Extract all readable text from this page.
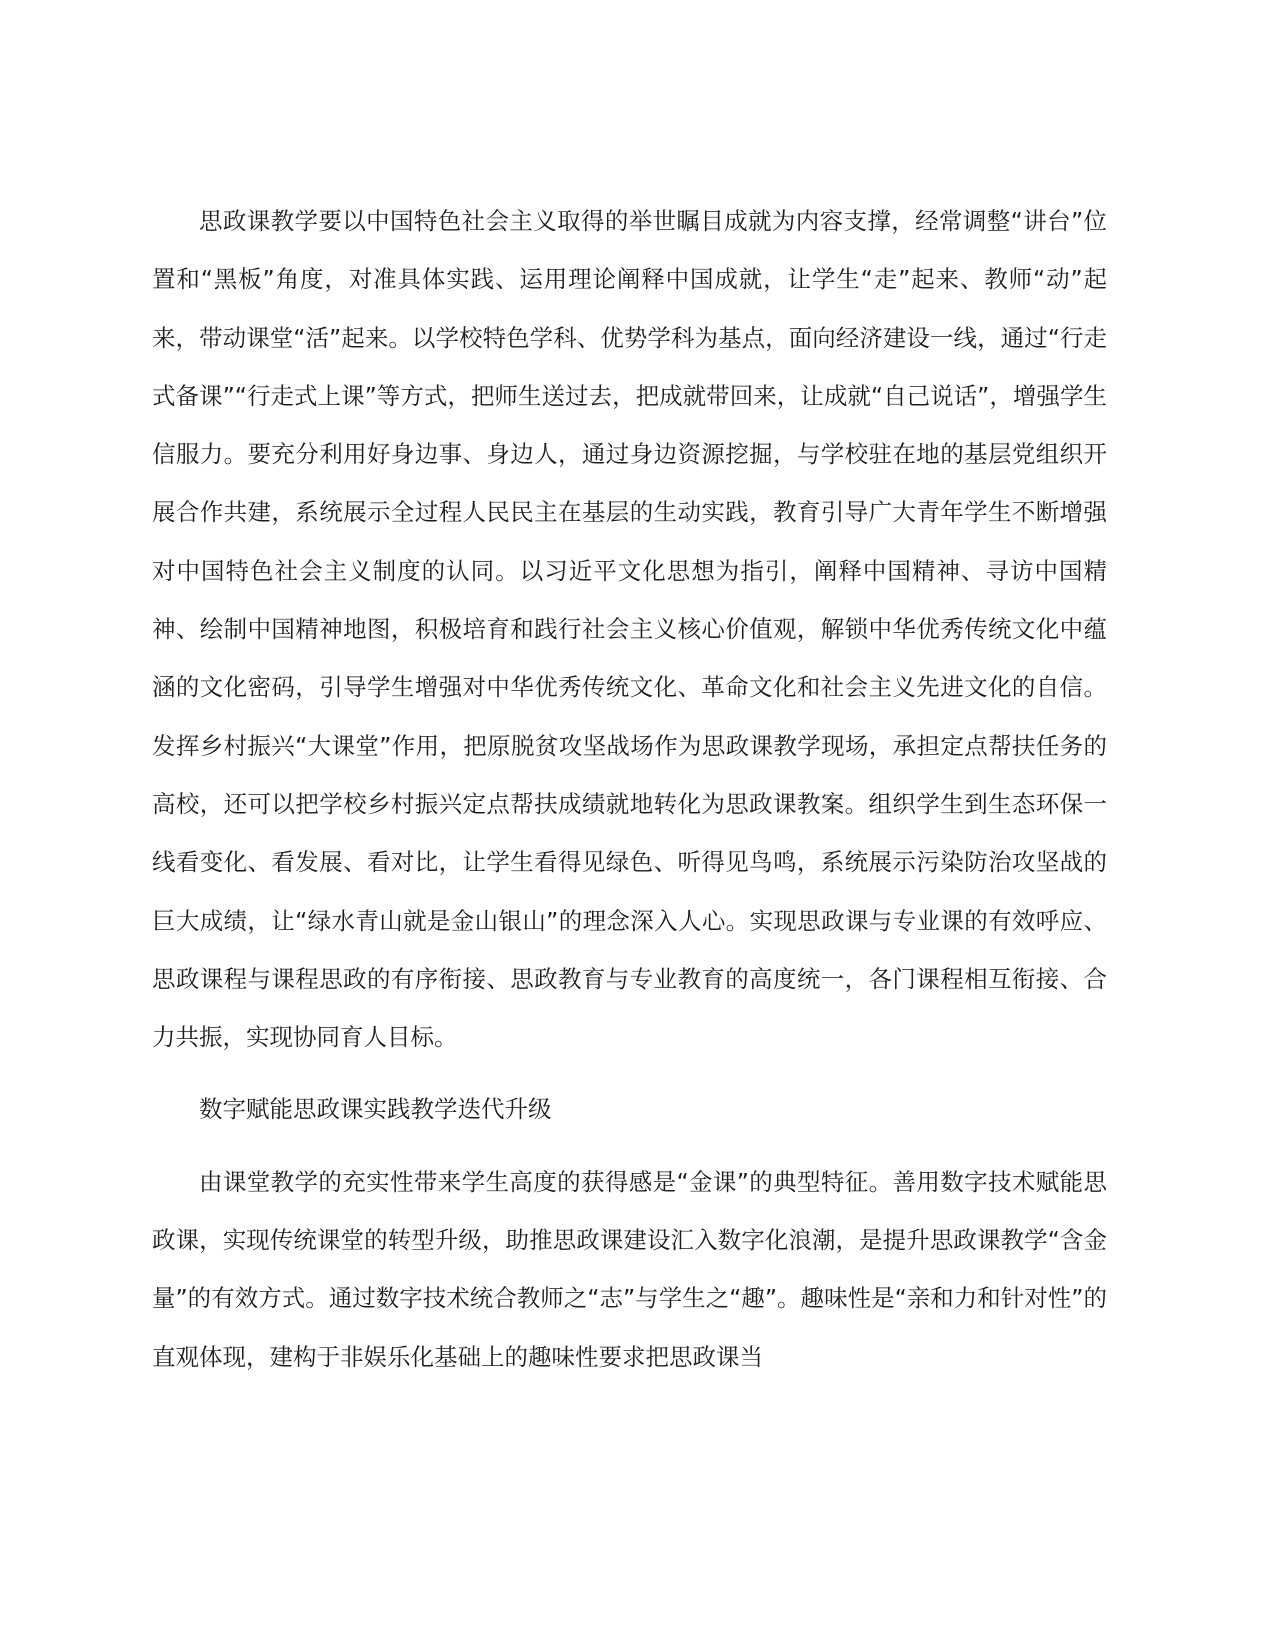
思政课教学要以中国特色社会主义取得的举世瞩目成就为内容支撑，经常调整“讲台”位置和“黑板”角度，对准具体实践、运用理论阐释中国成就，让学生“走”起来、教师“动”起来，带动课堂“活”起来。以学校特色学科、优势学科为基点，面向经济建设一线，通过“行走式备课”“行走式上课”等方式，把师生送过去，把成就带回来，让成就“自己说话”，增强学生信服力。要充分利用好身边事、身边人，通过身边资源挖掘，与学校驻在地的基层党组织开展合作共建，系统展示全过程人民民主在基层的生动实践，教育引导广大青年学生不断增强对中国特色社会主义制度的认同。以习近平文化思想为指引，阐释中国精神、寻访中国精神、绘制中国精神地图，积极培育和践行社会主义核心价值观，解锁中华优秀传统文化中蕴涵的文化密码，引导学生增强对中华优秀传统文化、革命文化和社会主义先进文化的自信。发挥乡村振兴“大课堂”作用，把原脱贫攻坚战场作为思政课教学现场，承担定点帮扶任务的高校，还可以把学校乡村振兴定点帮扶成绩就地转化为思政课教案。组织学生到生态环保一线看变化、看发展、看对比，让学生看得见绿色、听得见鸟鸣，系统展示污染防治攻坚战的巨大成绩，让“绿水青山就是金山银山”的理念深入人心。实现思政课与专业课的有效呼应、思政课程与课程思政的有序衔接、思政教育与专业教育的高度统一，各门课程相互衔接、合力共振，实现协同育人目标。

数字赋能思政课实践教学迭代升级

由课堂教学的充实性带来学生高度的获得感是“金课”的典型特征。善用数字技术赋能思政课，实现传统课堂的转型升级，助推思政课建设汇入数字化浪潮，是提升思政课教学“含金量”的有效方式。通过数字技术统合教师之“志”与学生之“趣”。趣味性是“亲和力和针对性”的直观体现，建构于非娱乐化基础上的趣味性要求把思政课当
